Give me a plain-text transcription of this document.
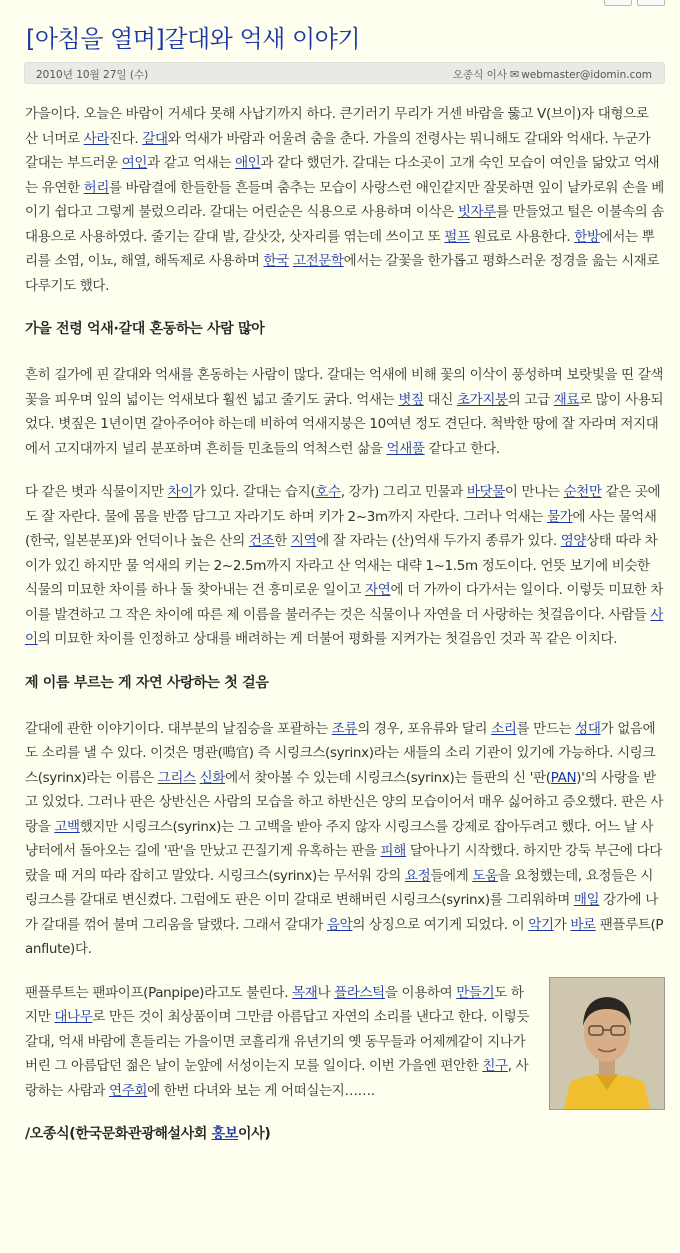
[아침을 열며]갈대와 억새 이야기
2010년 10월 27일 (수)	오종식 이사 ✉ webmaster@idomin.com

가을이다. 오늘은 바람이 거세다 못해 사납기까지 하다. 큰기러기 무리가 거센 바람을 뚫고 V(브이)자 대형으로 산 너머로 사라진다. 갈대와 억새가 바람과 어울려 춤을 춘다. 가을의 전령사는 뭐니해도 갈대와 억새다. 누군가 갈대는 부드러운 여인과 같고 억새는 애인과 같다 했던가. 갈대는 다소곳이 고개 숙인 모습이 여인을 닮았고 억새는 유연한 허리를 바람결에 한들한들 흔들며 춤추는 모습이 사랑스런 애인같지만 잘못하면 잎이 날카로워 손을 베이기 쉽다고 그렇게 불렀으리라. 갈대는 어린순은 식용으로 사용하며 이삭은 빗자루를 만들었고 털은 이불속의 솜대용으로 사용하였다. 줄기는 갈대 발, 갈삿갓, 삿자리를 엮는데 쓰이고 또 펄프 원료로 사용한다. 한방에서는 뿌리를 소염, 이뇨, 해열, 해독제로 사용하며 한국 고전문학에서는 갈꽃을 한가롭고 평화스러운 정경을 읊는 시재로 다루기도 했다.

가을 전령 억새·갈대 혼동하는 사람 많아

흔히 길가에 핀 갈대와 억새를 혼동하는 사람이 많다. 갈대는 억새에 비해 꽃의 이삭이 풍성하며 보랏빛을 띤 갈색 꽃을 피우며 잎의 넓이는 억새보다 훨씬 넓고 줄기도 굵다. 억새는 볏짚 대신 초가지붕의 고급 재료로 많이 사용되었다. 볏짚은 1년이면 갈아주어야 하는데 비하여 억새지붕은 10여년 정도 견딘다. 척박한 땅에 잘 자라며 저지대에서 고지대까지 널리 분포하며 흔히들 민초들의 억척스런 삶을 억새풀 같다고 한다.

다 같은 볏과 식물이지만 차이가 있다. 갈대는 습지(호수, 강가) 그리고 민물과 바닷물이 만나는 순천만 같은 곳에도 잘 자란다. 물에 몸을 반쯤 담그고 자라기도 하며 키가 2~3m까지 자란다. 그러나 억새는 물가에 사는 물억새(한국, 일본분포)와 언덕이나 높은 산의 건조한 지역에 잘 자라는 (산)억새 두가지 종류가 있다. 영양상태 따라 차이가 있긴 하지만 물 억새의 키는 2~2.5m까지 자라고 산 억새는 대략 1~1.5m 정도이다. 언뜻 보기에 비슷한 식물의 미묘한 차이를 하나 둘 찾아내는 건 흥미로운 일이고 자연에 더 가까이 다가서는 일이다. 이렇듯 미묘한 차이를 발견하고 그 작은 차이에 따른 제 이름을 불러주는 것은 식물이나 자연을 더 사랑하는 첫걸음이다. 사람들 사이의 미묘한 차이를 인정하고 상대를 배려하는 게 더불어 평화를 지켜가는 첫걸음인 것과 꼭 같은 이치다.

제 이름 부르는 게 자연 사랑하는 첫 걸음

갈대에 관한 이야기이다. 대부분의 날짐승을 포괄하는 조류의 경우, 포유류와 달리 소리를 만드는 성대가 없음에도 소리를 낼 수 있다. 이것은 명관(鳴官) 즉 시링크스(syrinx)라는 새들의 소리 기관이 있기에 가능하다. 시링크스(syrinx)라는 이름은 그리스 신화에서 찾아볼 수 있는데 시링크스(syrinx)는 들판의 신 '판(PAN)'의 사랑을 받고 있었다. 그러나 판은 상반신은 사람의 모습을 하고 하반신은 양의 모습이어서 매우 싫어하고 증오했다. 판은 사랑을 고백했지만 시링크스(syrinx)는 그 고백을 받아 주지 않자 시링크스를 강제로 잡아두려고 했다. 어느 날 사냥터에서 돌아오는 길에 '판'을 만났고 끈질기게 유혹하는 판을 피해 달아나기 시작했다. 하지만 강둑 부근에 다다랐을 때 거의 따라 잡히고 말았다. 시링크스(syrinx)는 무서워 강의 요정들에게 도움을 요청했는데, 요정들은 시링크스를 갈대로 변신켰다. 그럼에도 판은 이미 갈대로 변해버린 시링크스(syrinx)를 그리워하며 매일 강가에 나가 갈대를 꺾어 불며 그리움을 달랬다. 그래서 갈대가 음악의 상징으로 여기게 되었다. 이 악기가 바로 팬플루트(Panflute)다.

팬플루트는 팬파이프(Panpipe)라고도 불린다. 목재나 플라스틱을 이용하여 만들기도 하지만 대나무로 만든 것이 최상품이며 그만큼 아름답고 자연의 소리를 낸다고 한다. 이렇듯 갈대, 억새 바람에 흔들리는 가을이면 코흘리개 유년기의 옛 동무들과 어제께같이 지나가버린 그 아름답던 젊은 날이 눈앞에 서성이는지 모를 일이다. 이번 가을엔 편안한 친구, 사랑하는 사람과 연주회에 한번 다녀와 보는 게 어떠실는지…….

/오종식(한국문화관광해설사회 홍보이사)
